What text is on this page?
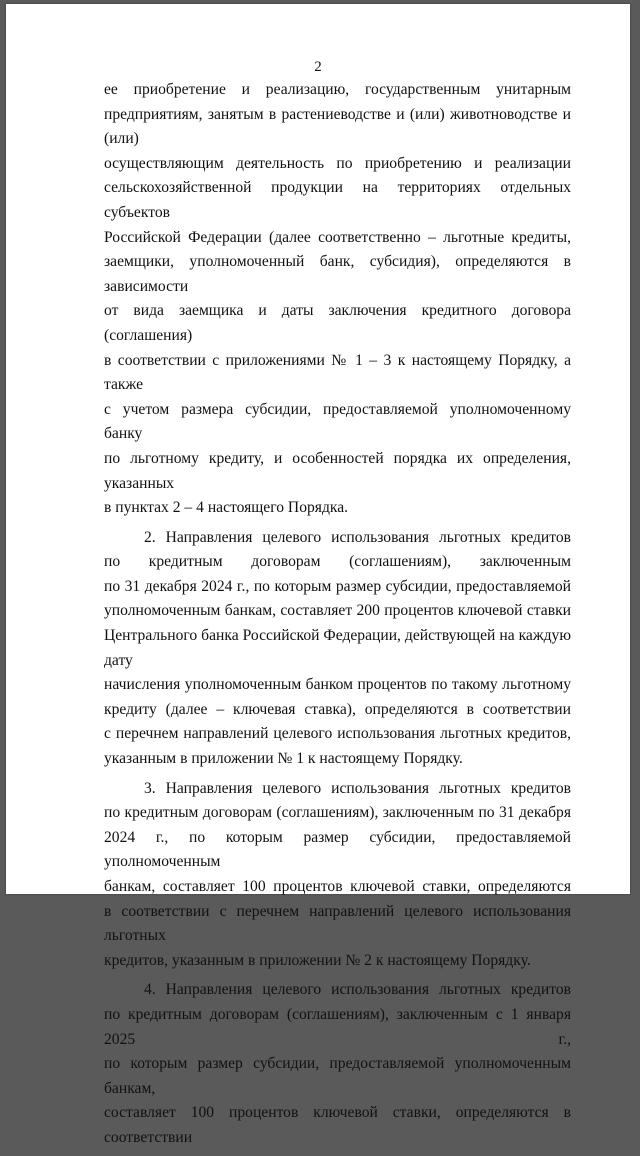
2

ее приобретение и реализацию, государственным унитарным

предприятиям, занятым в растениеводстве и (или) животноводстве и (или)

осуществляющим деятельность по приобретению и реализации

сельскохозяйственной продукции на территориях отдельных субъектов

Российской Федерации (далее соответственно – льготные кредиты,

заемщики, уполномоченный банк, субсидия), определяются в зависимости

от вида заемщика и даты заключения кредитного договора (соглашения)

в соответствии с приложениями № 1 – 3 к настоящему Порядку, а также

с учетом размера субсидии, предоставляемой уполномоченному банку

по льготному кредиту, и особенностей порядка их определения, указанных

в пунктах 2 – 4 настоящего Порядка.

2. Направления целевого использования льготных кредитов

по кредитным договорам (соглашениям), заключенным

по 31 декабря 2024 г., по которым размер субсидии, предоставляемой

уполномоченным банкам, составляет 200 процентов ключевой ставки

Центрального банка Российской Федерации, действующей на каждую дату

начисления уполномоченным банком процентов по такому льготному

кредиту (далее – ключевая ставка), определяются в соответствии

с перечнем направлений целевого использования льготных кредитов,

указанным в приложении № 1 к настоящему Порядку.

3. Направления целевого использования льготных кредитов

по кредитным договорам (соглашениям), заключенным по 31 декабря

2024 г., по которым размер субсидии, предоставляемой уполномоченным

банкам, составляет 100 процентов ключевой ставки, определяются

в соответствии с перечнем направлений целевого использования льготных

кредитов, указанным в приложении № 2 к настоящему Порядку.

4. Направления целевого использования льготных кредитов

по кредитным договорам (соглашениям), заключенным с 1 января 2025 г.,

по которым размер субсидии, предоставляемой уполномоченным банкам,

составляет 100 процентов ключевой ставки, определяются в соответствии
